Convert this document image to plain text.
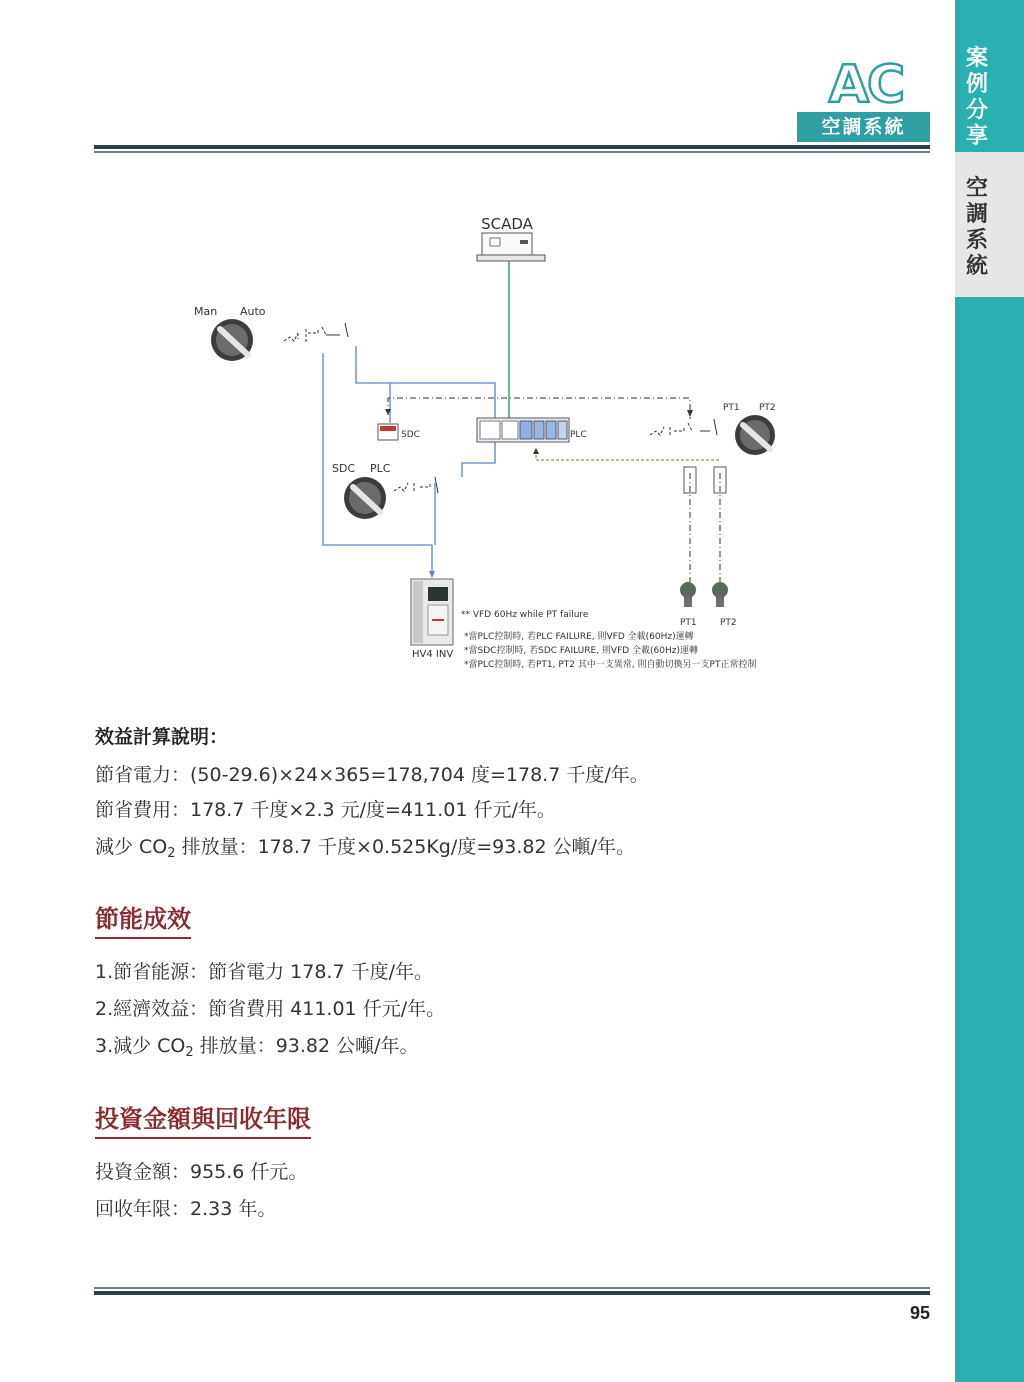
案
例
分
享
空
調
系
統
AC
空調系統
SCADA
Man Auto
SDC	PLC
PT1 PT2
SDC PLC
PT1	PT2
HV4 INV
** VFD 60Hz while PT failure
*當PLC控制時, 若PLC FAILURE, 則VFD 全載(60Hz)運轉
*當SDC控制時, 若SDC FAILURE, 則VFD 全載(60Hz)運轉
*當PLC控制時, 若PT1, PT2 其中一支異常, 則自動切換另一支PT正常控制
效益計算說明：
節省電力：(50-29.6)×24×365=178,704 度=178.7 千度/年。
節省費用：178.7 千度×2.3 元/度=411.01 仟元/年。
減少 $CO_2$ 排放量：178.7 千度×0.525Kg/度=93.82 公噸/年。
節能成效
1.節省能源：節省電力 178.7 千度/年。
2.經濟效益：節省費用 411.01 仟元/年。
3.減少 $CO_2$ 排放量：93.82 公噸/年。
投資金額與回收年限
投資金額：955.6 仟元。
回收年限：2.33 年。
95
